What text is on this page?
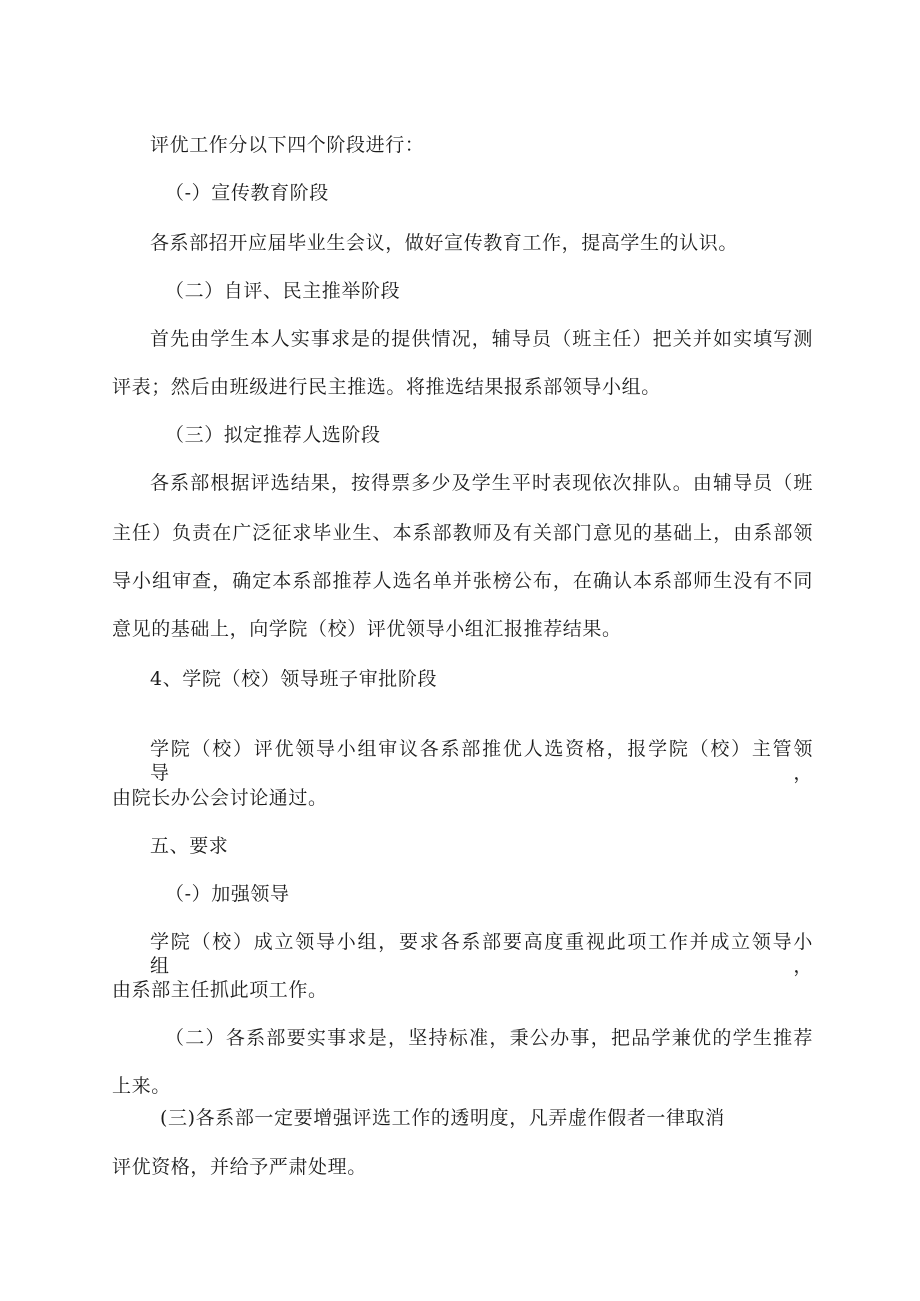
评优工作分以下四个阶段进行：
（-）宣传教育阶段
各系部招开应届毕业生会议，做好宣传教育工作，提高学生的认识。
（二）自评、民主推举阶段
首先由学生本人实事求是的提供情况，辅导员（班主任）把关并如实填写测
评表；然后由班级进行民主推选。将推选结果报系部领导小组。
（三）拟定推荐人选阶段
各系部根据评选结果，按得票多少及学生平时表现依次排队。由辅导员（班
主任）负责在广泛征求毕业生、本系部教师及有关部门意见的基础上，由系部领
导小组审查，确定本系部推荐人选名单并张榜公布，在确认本系部师生没有不同
意见的基础上，向学院（校）评优领导小组汇报推荐结果。
4、学院（校）领导班子审批阶段
学院（校）评优领导小组审议各系部推优人选资格，报学院（校）主管领导，
由院长办公会讨论通过。
五、要求
（-）加强领导
学院（校）成立领导小组，要求各系部要高度重视此项工作并成立领导小组，
由系部主任抓此项工作。
（二）各系部要实事求是，坚持标准，秉公办事，把品学兼优的学生推荐
上来。
(三)各系部一定要增强评选工作的透明度，凡弄虚作假者一律取消
评优资格，并给予严肃处理。
